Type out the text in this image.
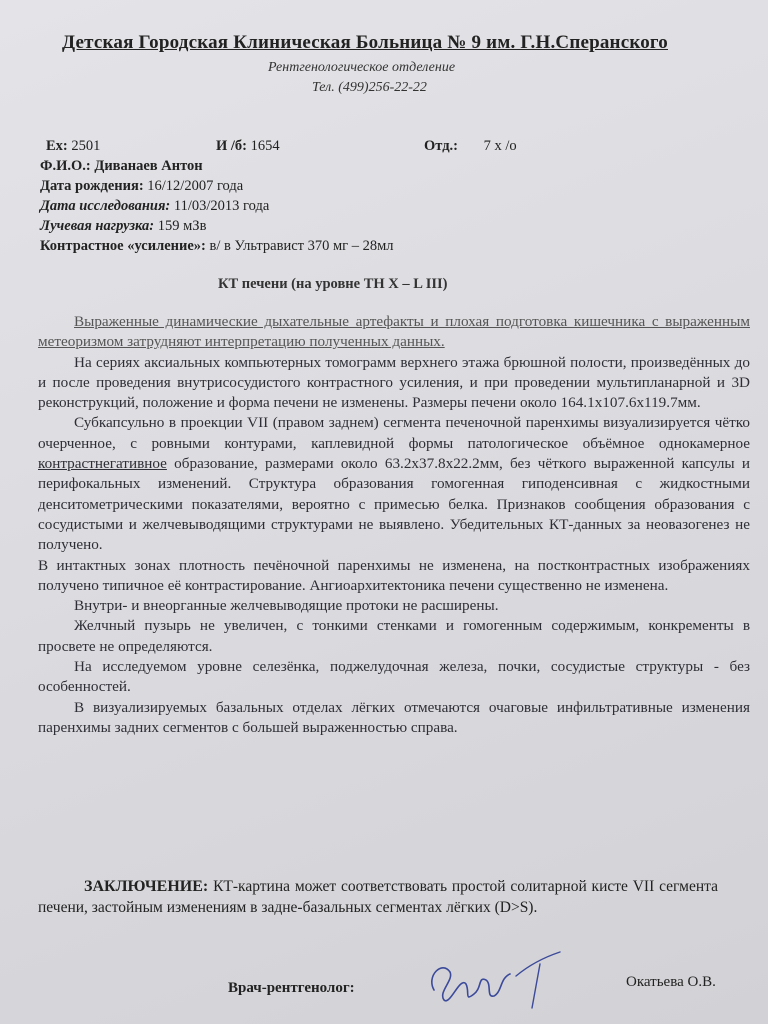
Детская Городская Клиническая Больница № 9 им. Г.Н.Сперанского
Рентгенологическое отделение
Тел. (499)256-22-22
Ex: 2501	И /б: 1654	Отд.: 7 х /о
Ф.И.О.: Диванаев Антон
Дата рождения: 16/12/2007 года
Дата исследования: 11/03/2013 года
Лучевая нагрузка: 159 мЗв
Контрастное «усиление»: в/ в Ультравист 370 мг – 28мл
КТ печени (на уровне ТН X – L III)

Выраженные динамические дыхательные артефакты и плохая подготовка кишечника с выраженным метеоризмом затрудняют интерпретацию полученных данных.

На сериях аксиальных компьютерных томограмм верхнего этажа брюшной полости, произведённых до и после проведения внутрисосудистого контрастного усиления, и при проведении мультипланарной и 3D реконструкций, положение и форма печени не изменены. Размеры печени около 164.1х107.6х119.7мм.

Субкапсульно в проекции VII (правом заднем) сегмента печеночной паренхимы визуализируется чётко очерченное, с ровными контурами, каплевидной формы патологическое объёмное однокамерное контрастнегативное образование, размерами около 63.2х37.8х22.2мм, без чёткого выраженной капсулы и перифокальных изменений. Структура образования гомогенная гиподенсивная с жидкостными денситометрическими показателями, вероятно с примесью белка. Признаков сообщения образования с сосудистыми и желчевыводящими структурами не выявлено. Убедительных КТ-данных за неовазогенез не получено.

В интактных зонах плотность печёночной паренхимы не изменена, на постконтрастных изображениях получено типичное её контрастирование. Ангиоархитектоника печени существенно не изменена.

Внутри- и внеорганные желчевыводящие протоки не расширены.

Желчный пузырь не увеличен, с тонкими стенками и гомогенным содержимым, конкременты в просвете не определяются.

На исследуемом уровне селезёнка, поджелудочная железа, почки, сосудистые структуры - без особенностей.

В визуализируемых базальных отделах лёгких отмечаются очаговые инфильтративные изменения паренхимы задних сегментов с большей выраженностью справа.

ЗАКЛЮЧЕНИЕ: КТ-картина может соответствовать простой солитарной кисте VII сегмента печени, застойным изменениям в задне-базальных сегментах лёгких (D>S).
Врач-рентгенолог:	Окатьева О.В.
